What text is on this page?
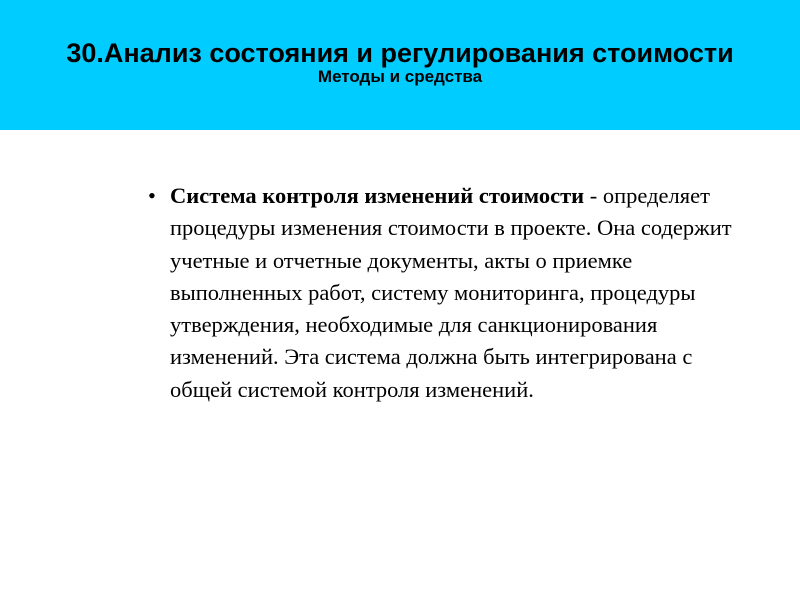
30.Анализ состояния и регулирования стоимости
Методы и средства
• Система контроля изменений стоимости - определяет процедуры изменения стоимости в проекте. Она содержит учетные и отчетные документы, акты о приемке выполненных работ, систему мониторинга, процедуры утверждения, необходимые для санкционирования изменений. Эта система должна быть интегрирована с общей системой контроля изменений.
